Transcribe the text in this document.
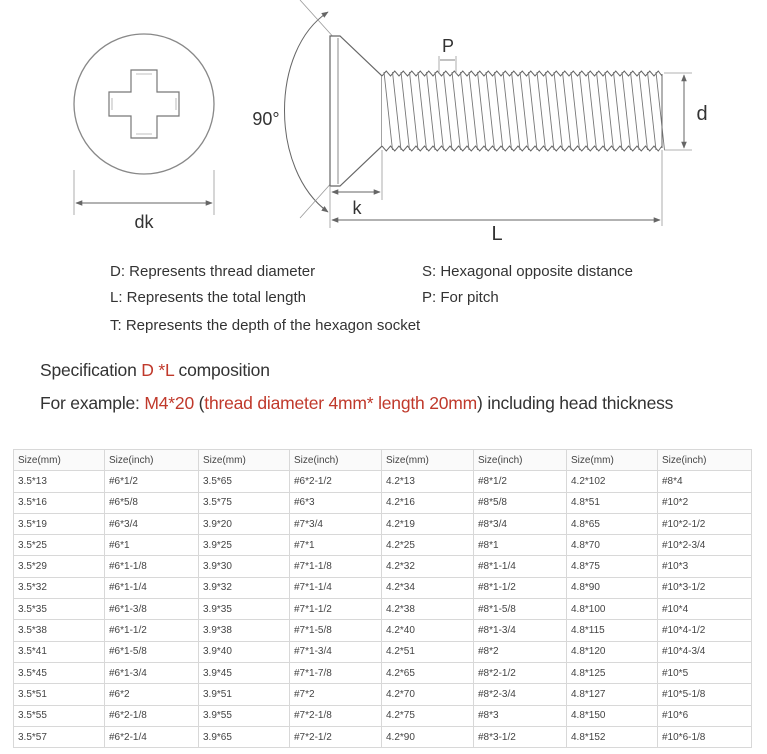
dk
90°
P
d
k
L
D: Represents thread diameter	S: Hexagonal opposite distance
L: Represents the total length	P: For pitch
T: Represents the depth of the hexagon socket
Specification D *L composition
For example: M4*20 (thread diameter 4mm* length 20mm) including head thickness
Size(mm)	Size(inch)	Size(mm)	Size(inch)	Size(mm)	Size(inch)	Size(mm)	Size(inch)
3.5*13	#6*1/2	3.5*65	#6*2-1/2	4.2*13	#8*1/2	4.2*102	#8*4
3.5*16	#6*5/8	3.5*75	#6*3	4.2*16	#8*5/8	4.8*51	#10*2
3.5*19	#6*3/4	3.9*20	#7*3/4	4.2*19	#8*3/4	4.8*65	#10*2-1/2
3.5*25	#6*1	3.9*25	#7*1	4.2*25	#8*1	4.8*70	#10*2-3/4
3.5*29	#6*1-1/8	3.9*30	#7*1-1/8	4.2*32	#8*1-1/4	4.8*75	#10*3
3.5*32	#6*1-1/4	3.9*32	#7*1-1/4	4.2*34	#8*1-1/2	4.8*90	#10*3-1/2
3.5*35	#6*1-3/8	3.9*35	#7*1-1/2	4.2*38	#8*1-5/8	4.8*100	#10*4
3.5*38	#6*1-1/2	3.9*38	#7*1-5/8	4.2*40	#8*1-3/4	4.8*115	#10*4-1/2
3.5*41	#6*1-5/8	3.9*40	#7*1-3/4	4.2*51	#8*2	4.8*120	#10*4-3/4
3.5*45	#6*1-3/4	3.9*45	#7*1-7/8	4.2*65	#8*2-1/2	4.8*125	#10*5
3.5*51	#6*2	3.9*51	#7*2	4.2*70	#8*2-3/4	4.8*127	#10*5-1/8
3.5*55	#6*2-1/8	3.9*55	#7*2-1/8	4.2*75	#8*3	4.8*150	#10*6
3.5*57	#6*2-1/4	3.9*65	#7*2-1/2	4.2*90	#8*3-1/2	4.8*152	#10*6-1/8
